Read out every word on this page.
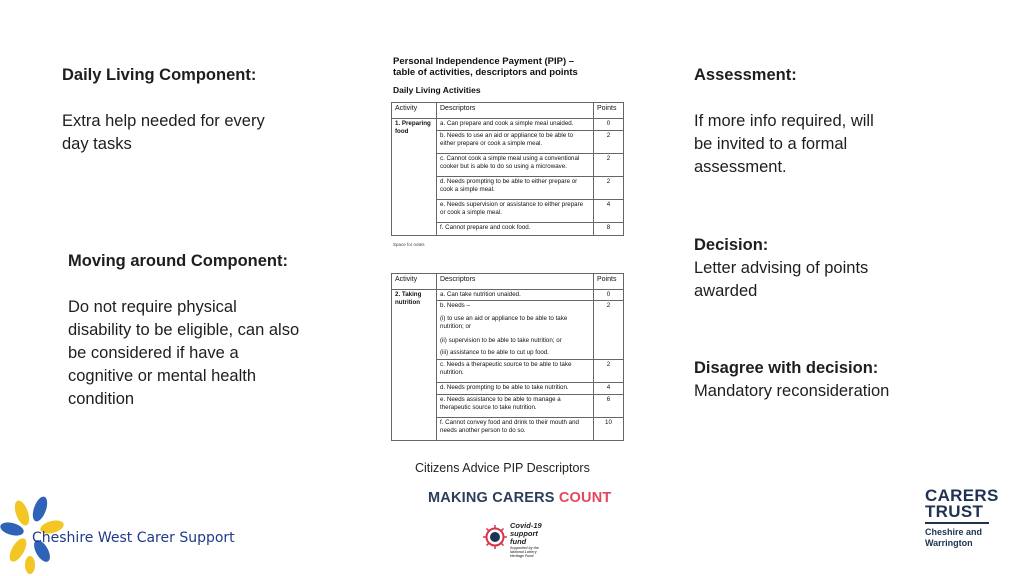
Daily Living Component:
Extra help needed for every
day tasks
Moving around Component:
Do not require physical
disability to be eligible, can also
be considered if have a
cognitive or mental health
condition
Assessment:
If more info required, will
be invited to a formal
assessment.
Decision:
Letter advising of points
awarded
Disagree with decision:
Mandatory reconsideration
Personal Independence Payment (PIP) –
table of activities, descriptors and points
Daily Living Activities
Activity	Descriptors	Points
1. Preparing food	a. Can prepare and cook a simple meal unaided.	0
	b. Needs to use an aid or appliance to be able to either prepare or cook a simple meal.	2
	c. Cannot cook a simple meal using a conventional cooker but is able to do so using a microwave.	2
	d. Needs prompting to be able to either prepare or cook a simple meal.	2
	e. Needs supervision or assistance to either prepare or cook a simple meal.	4
	f. Cannot prepare and cook food.	8
Space for notes
Activity	Descriptors	Points
2. Taking nutrition	a. Can take nutrition unaided.	0
	b. Needs –	2
	(i) to use an aid or appliance to be able to take nutrition; or	
	(ii) supervision to be able to take nutrition; or	
	(iii) assistance to be able to cut up food.	
	c. Needs a therapeutic source to be able to take nutrition.	2
	d. Needs prompting to be able to take nutrition.	4
	e. Needs assistance to be able to manage a therapeutic source to take nutrition.	6
	f. Cannot convey food and drink to their mouth and needs another person to do so.	10
Citizens Advice PIP Descriptors
MAKING CARERS COUNT
Covid-19
support
fund
Supported by the National Lottery Heritage Fund
Cheshire West Carer Support
CARERS
TRUST
Cheshire and
Warrington
